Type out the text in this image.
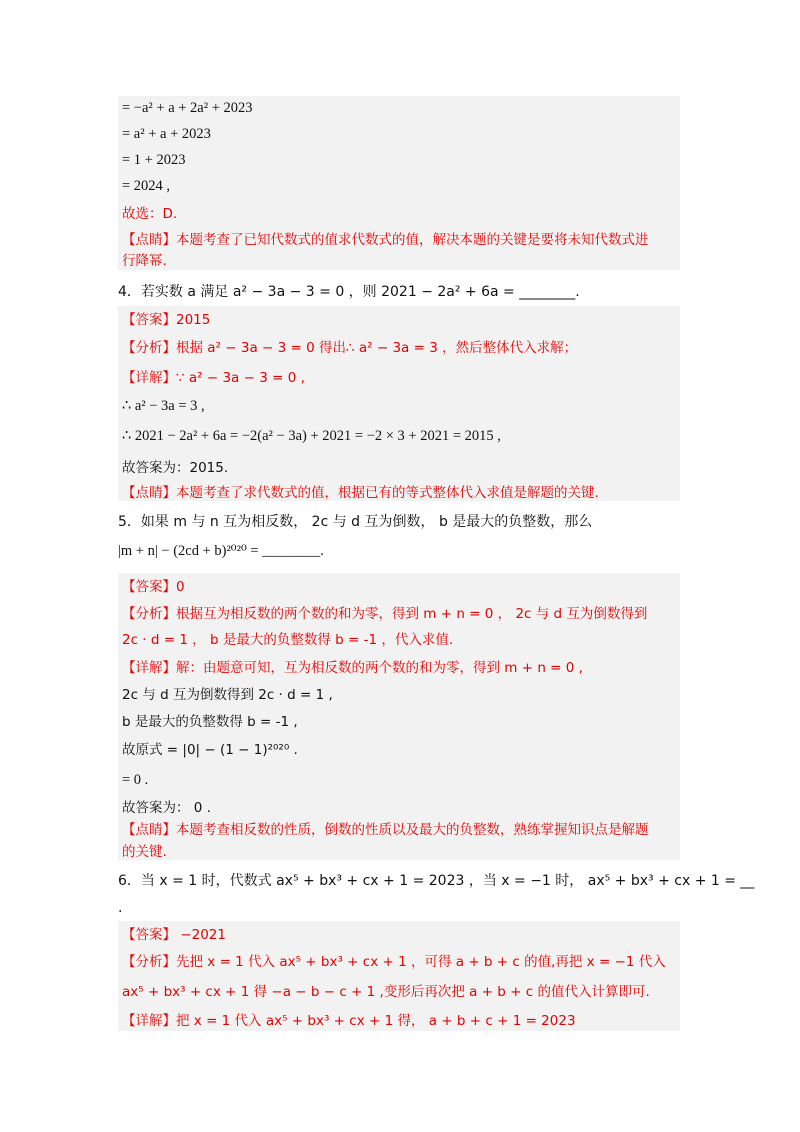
= −a² + a + 2a² + 2023
= a² + a + 2023
= 1 + 2023
= 2024 ,
故选：D.
【点睛】本题考查了已知代数式的值求代数式的值，解决本题的关键是要将未知代数式进
行降幂.
4．若实数 a 满足 a² − 3a − 3 = 0 ，则 2021 − 2a² + 6a = ________.
【答案】2015
【分析】根据 a² − 3a − 3 = 0 得出∴ a² − 3a = 3 ，然后整体代入求解；
【详解】∵ a² − 3a − 3 = 0 ,
∴ a² − 3a = 3 ,
∴ 2021 − 2a² + 6a = −2(a² − 3a) + 2021 = −2 × 3 + 2021 = 2015 ,
故答案为：2015.
【点睛】本题考查了求代数式的值，根据已有的等式整体代入求值是解题的关键.
5．如果 m 与 n 互为相反数， 2c 与 d 互为倒数， b 是最大的负整数，那么
|m + n| − (2cd + b)²⁰²⁰ = ________.
【答案】0
【分析】根据互为相反数的两个数的和为零，得到 m + n = 0 ， 2c 与 d 互为倒数得到
2c · d = 1 ， b 是最大的负整数得 b = -1 ，代入求值.
【详解】解：由题意可知，互为相反数的两个数的和为零，得到 m + n = 0 ,
2c 与 d 互为倒数得到 2c · d = 1 ,
b 是最大的负整数得 b = -1 ,
故原式 = |0| − (1 − 1)²⁰²⁰ .
= 0 .
故答案为： 0 .
【点睛】本题考查相反数的性质，倒数的性质以及最大的负整数，熟练掌握知识点是解题
的关键.
6．当 x = 1 时，代数式 ax⁵ + bx³ + cx + 1 = 2023 ，当 x = −1 时， ax⁵ + bx³ + cx + 1 = __
.
【答案】 −2021
【分析】先把 x = 1 代入 ax⁵ + bx³ + cx + 1 ，可得 a + b + c 的值,再把 x = −1 代入
ax⁵ + bx³ + cx + 1 得 −a − b − c + 1 ,变形后再次把 a + b + c 的值代入计算即可.
【详解】把 x = 1 代入 ax⁵ + bx³ + cx + 1 得， a + b + c + 1 = 2023
